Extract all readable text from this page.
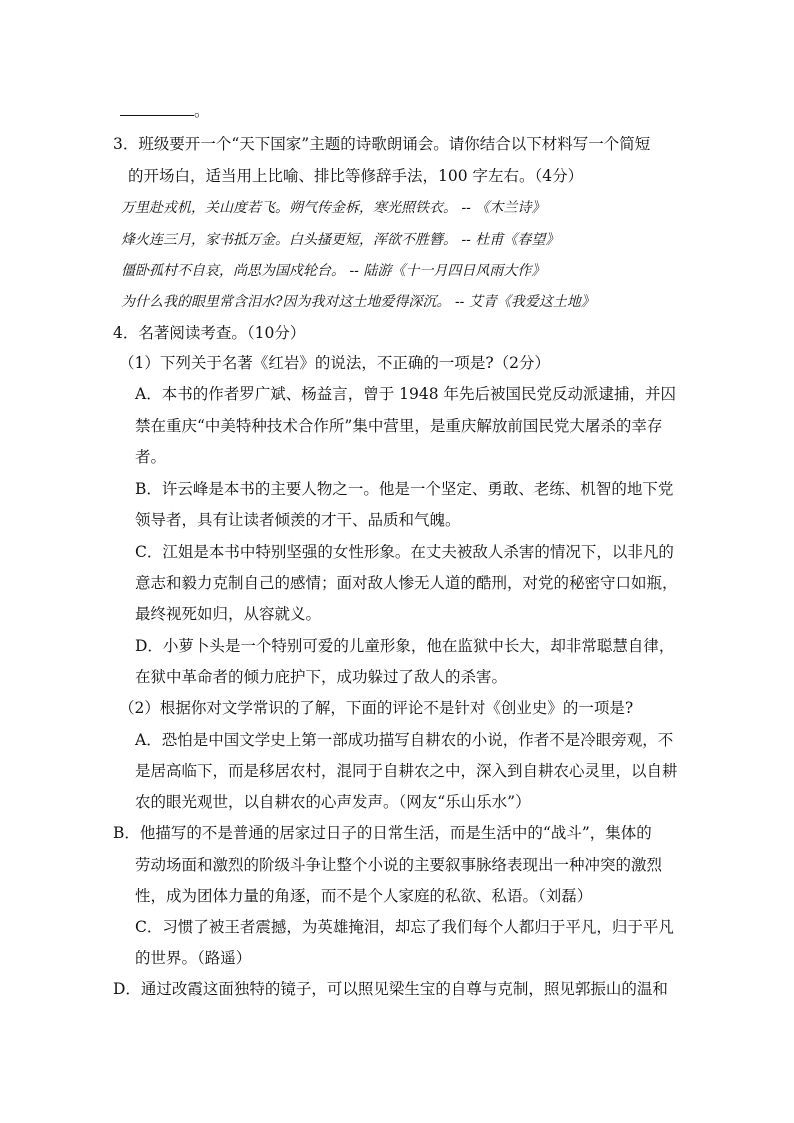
。
3．班级要开一个“天下国家”主题的诗歌朗诵会。请你结合以下材料写一个简短
的开场白，适当用上比喻、排比等修辞手法，100 字左右。（4分）
万里赴戎机，关山度若飞。朔气传金柝，寒光照铁衣。 -- 《木兰诗》
烽火连三月，家书抵万金。白头搔更短，浑欲不胜簪。 -- 杜甫《春望》
僵卧孤村不自哀，尚思为国戍轮台。 -- 陆游《十一月四日风雨大作》
为什么我的眼里常含泪水?因为我对这土地爱得深沉。 -- 艾青《我爱这土地》
4．名著阅读考查。（10分）
（1）下列关于名著《红岩》的说法，不正确的一项是?（2分）
A．本书的作者罗广斌、杨益言，曾于 1948 年先后被国民党反动派逮捕，并囚
禁在重庆“中美特种技术合作所”集中营里，是重庆解放前国民党大屠杀的幸存
者。
B．许云峰是本书的主要人物之一。他是一个坚定、勇敢、老练、机智的地下党
领导者，具有让读者倾羡的才干、品质和气魄。
C．江姐是本书中特别坚强的女性形象。在丈夫被敌人杀害的情况下，以非凡的
意志和毅力克制自己的感情；面对敌人惨无人道的酷刑，对党的秘密守口如瓶，
最终视死如归，从容就义。
D．小萝卜头是一个特别可爱的儿童形象，他在监狱中长大，却非常聪慧自律，
在狱中革命者的倾力庇护下，成功躲过了敌人的杀害。
（2）根据你对文学常识的了解，下面的评论不是针对《创业史》的一项是?
A．恐怕是中国文学史上第一部成功描写自耕农的小说，作者不是冷眼旁观，不
是居高临下，而是移居农村，混同于自耕农之中，深入到自耕农心灵里，以自耕
农的眼光观世，以自耕农的心声发声。（网友“乐山乐水”）
B．他描写的不是普通的居家过日子的日常生活，而是生活中的“战斗”，集体的
劳动场面和激烈的阶级斗争让整个小说的主要叙事脉络表现出一种冲突的激烈
性，成为团体力量的角逐，而不是个人家庭的私欲、私语。（刘磊）
C．习惯了被王者震撼，为英雄掩泪，却忘了我们每个人都归于平凡，归于平凡
的世界。（路遥）
D．通过改霞这面独特的镜子，可以照见梁生宝的自尊与克制，照见郭振山的温和
